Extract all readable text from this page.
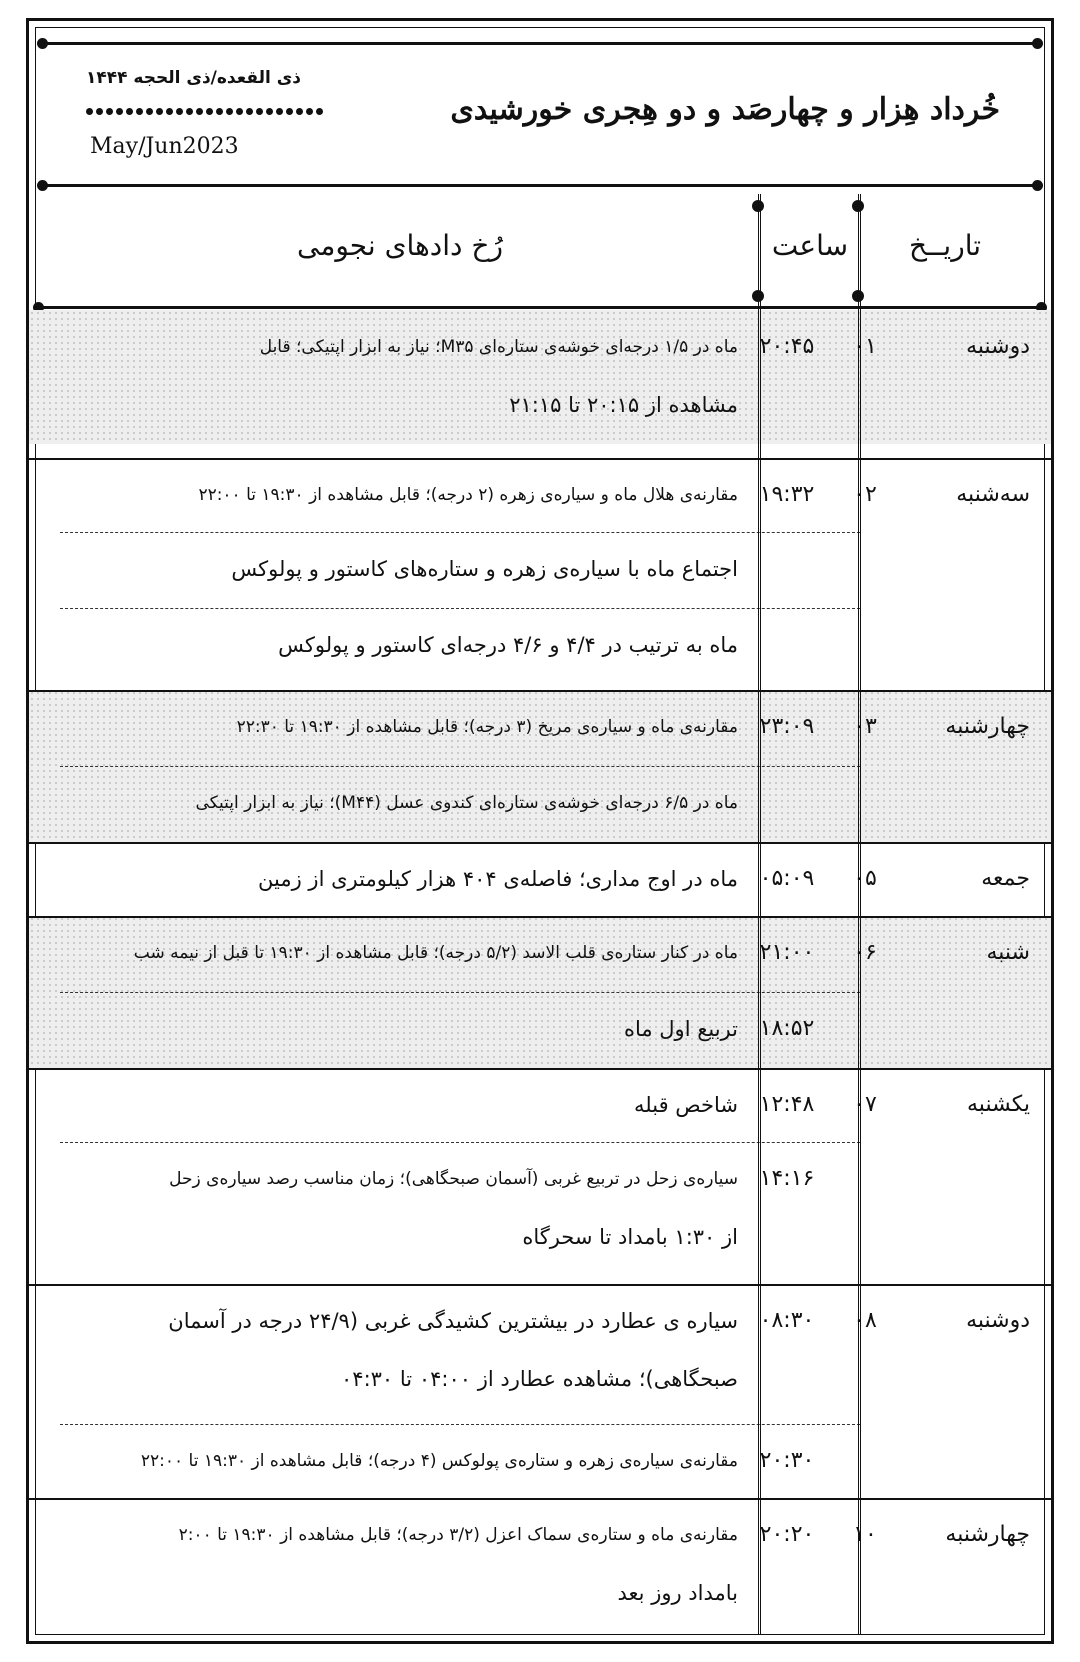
ذی القعده/ذی الحجه ۱۴۴۴
May/Jun2023
خُرداد هِزار و چهارصَد و دو هِجری خورشیدی
تاریــخ
ساعت
رُخ دادهای نجومی
دوشنبه
۰۱
۲۰:۴۵
ماه در ۱/۵ درجه‌ای خوشه‌ی ستاره‌ای M۳۵؛ نیاز به ابزار اپتیکی؛ قابل
مشاهده از ۲۰:۱۵ تا ۲۱:۱۵
سه‌شنبه
۰۲
۱۹:۳۲
مقارنه‌ی هلال ماه و سیاره‌ی زهره (۲ درجه)؛ قابل مشاهده از ۱۹:۳۰ تا ۲۲:۰۰
اجتماع ماه با سیاره‌ی زهره و ستاره‌های کاستور و پولوکس
ماه به ترتیب در ۴/۴ و ۴/۶ درجه‌ای کاستور و پولوکس
چهارشنبه
۰۳
۲۳:۰۹
مقارنه‌ی ماه و سیاره‌ی مریخ (۳ درجه)؛ قابل مشاهده از ۱۹:۳۰ تا ۲۲:۳۰
ماه در ۶/۵ درجه‌ای خوشه‌ی ستاره‌ای کندوی عسل (M۴۴)؛ نیاز به ابزار اپتیکی
جمعه
۰۵
۰۵:۰۹
ماه در اوج مداری؛ فاصله‌ی ۴۰۴ هزار کیلومتری از زمین
شنبه
۰۶
۲۱:۰۰
ماه در کنار ستاره‌ی قلب الاسد (۵/۲ درجه)؛ قابل مشاهده از ۱۹:۳۰ تا قبل از نیمه شب
۱۸:۵۲
تربیع اول ماه
یکشنبه
۰۷
۱۲:۴۸
شاخص قبله
۱۴:۱۶
سیاره‌ی زحل در تربیع غربی (آسمان صبحگاهی)؛ زمان مناسب رصد سیاره‌ی زحل
از ۱:۳۰ بامداد تا سحرگاه
دوشنبه
۰۸
۰۸:۳۰
سیاره ی عطارد در بیشترین کشیدگی غربی (۲۴/۹ درجه در آسمان
صبحگاهی)؛ مشاهده عطارد از ۰۴:۰۰ تا ۰۴:۳۰
۲۰:۳۰
مقارنه‌ی سیاره‌ی زهره و ستاره‌ی پولوکس (۴ درجه)؛ قابل مشاهده از ۱۹:۳۰ تا ۲۲:۰۰
چهارشنبه
۱۰
۲۰:۲۰
مقارنه‌ی ماه و ستاره‌ی سماک اعزل (۳/۲ درجه)؛ قابل مشاهده از ۱۹:۳۰ تا ۲:۰۰
بامداد روز بعد
